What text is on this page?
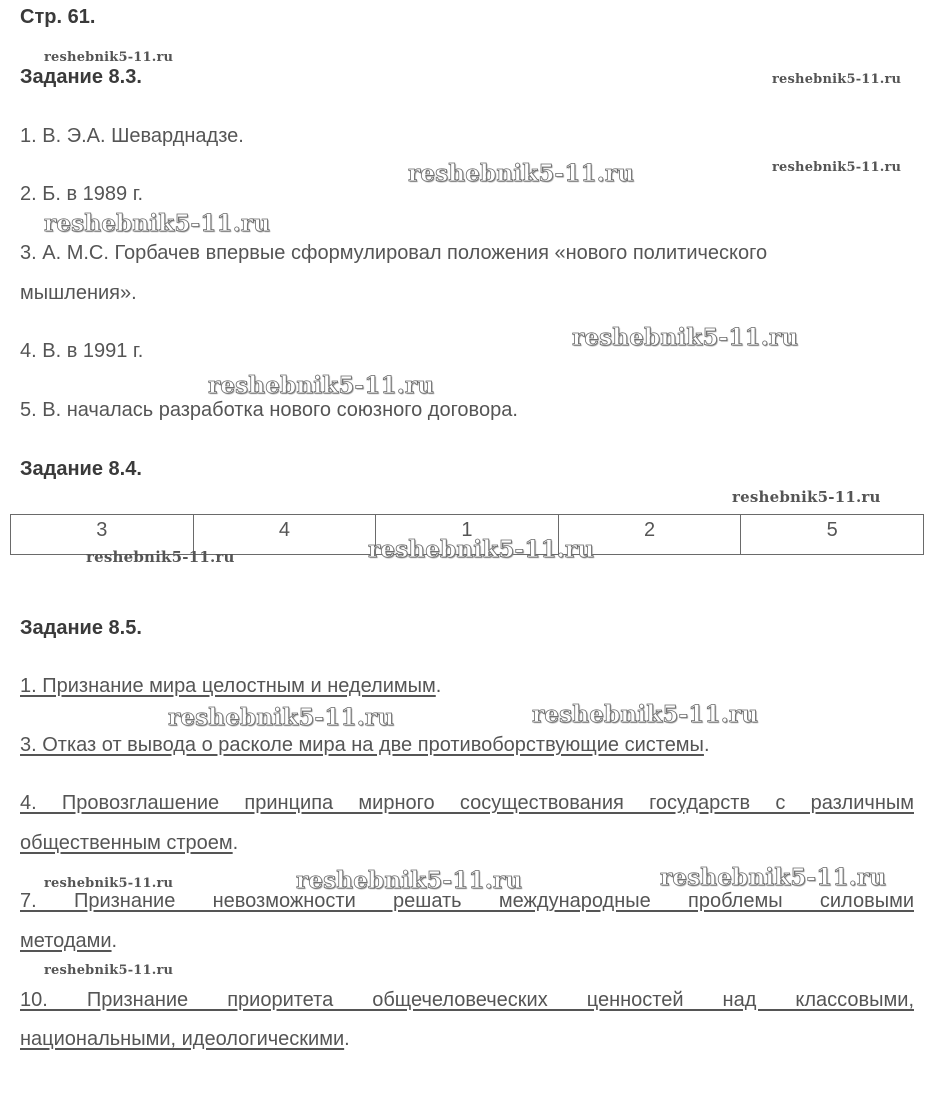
Стр. 61.
Задание 8.3.
1. В. Э.А. Шеварднадзе.
2. Б. в 1989 г.
3. А. М.С. Горбачев впервые сформулировал положения «нового политического
мышления».
4. В. в 1991 г.
5. В. началась разработка нового союзного договора.
Задание 8.4.
3	4	1	2	5
Задание 8.5.
1. Признание мира целостным и неделимым.
3. Отказ от вывода о расколе мира на две противоборствующие системы.
4. Провозглашение принципа мирного сосуществования государств с различным
общественным строем.
7. Признание невозможности решать международные проблемы силовыми
методами.
10. Признание приоритета общечеловеческих ценностей над классовыми,
национальными, идеологическими.
reshebnik5-11.ru
reshebnik5-11.ru
reshebnik5-11.ru
reshebnik5-11.ru
reshebnik5-11.ru
reshebnik5-11.ru
reshebnik5-11.ru
reshebnik5-11.ru
reshebnik5-11.ru
reshebnik5-11.ru
reshebnik5-11.ru	reshebnik5-11.ru
reshebnik5-11.ru	reshebnik5-11.ru	reshebnik5-11.ru
reshebnik5-11.ru
